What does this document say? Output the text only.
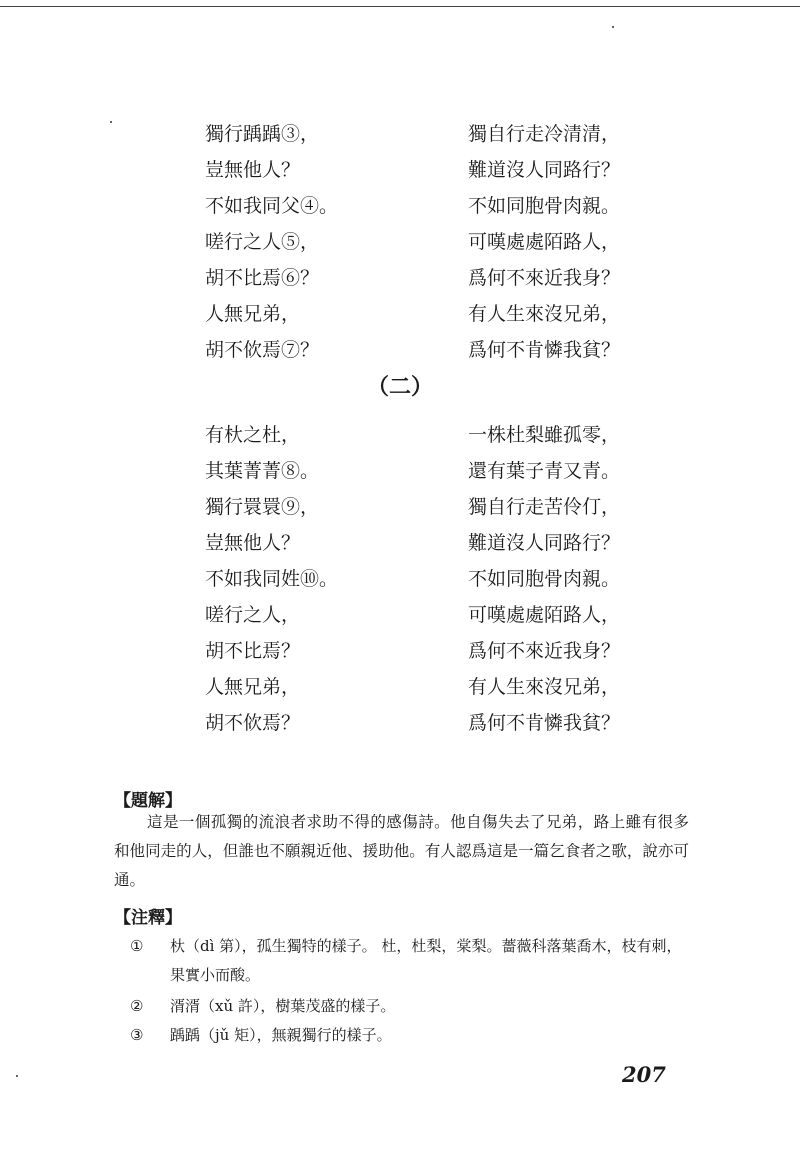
獨行踽踽③，	獨自行走冷清清，
豈無他人？	難道沒人同路行？
不如我同父④。	不如同胞骨肉親。
嗟行之人⑤，	可嘆處處陌路人，
胡不比焉⑥？	爲何不來近我身？
人無兄弟，	有人生來沒兄弟，
胡不佽焉⑦？	爲何不肯憐我貧？
（二）
有杕之杜，	一株杜梨雖孤零，
其葉菁菁⑧。	還有葉子青又青。
獨行睘睘⑨，	獨自行走苦伶仃，
豈無他人？	難道沒人同路行？
不如我同姓⑩。	不如同胞骨肉親。
嗟行之人，	可嘆處處陌路人，
胡不比焉？	爲何不來近我身？
人無兄弟，	有人生來沒兄弟，
胡不佽焉？	爲何不肯憐我貧？
【題解】
這是一個孤獨的流浪者求助不得的感傷詩。他自傷失去了兄弟，路上雖有很多和他同走的人，但誰也不願親近他、援助他。有人認爲這是一篇乞食者之歌，說亦可通。
【注釋】
① 杕（dì 第），孤生獨特的樣子。 杜，杜梨，棠梨。薔薇科落葉喬木，枝有刺，果實小而酸。
② 湑湑（xǔ 許），樹葉茂盛的樣子。
③ 踽踽（jǔ 矩），無親獨行的樣子。
207
